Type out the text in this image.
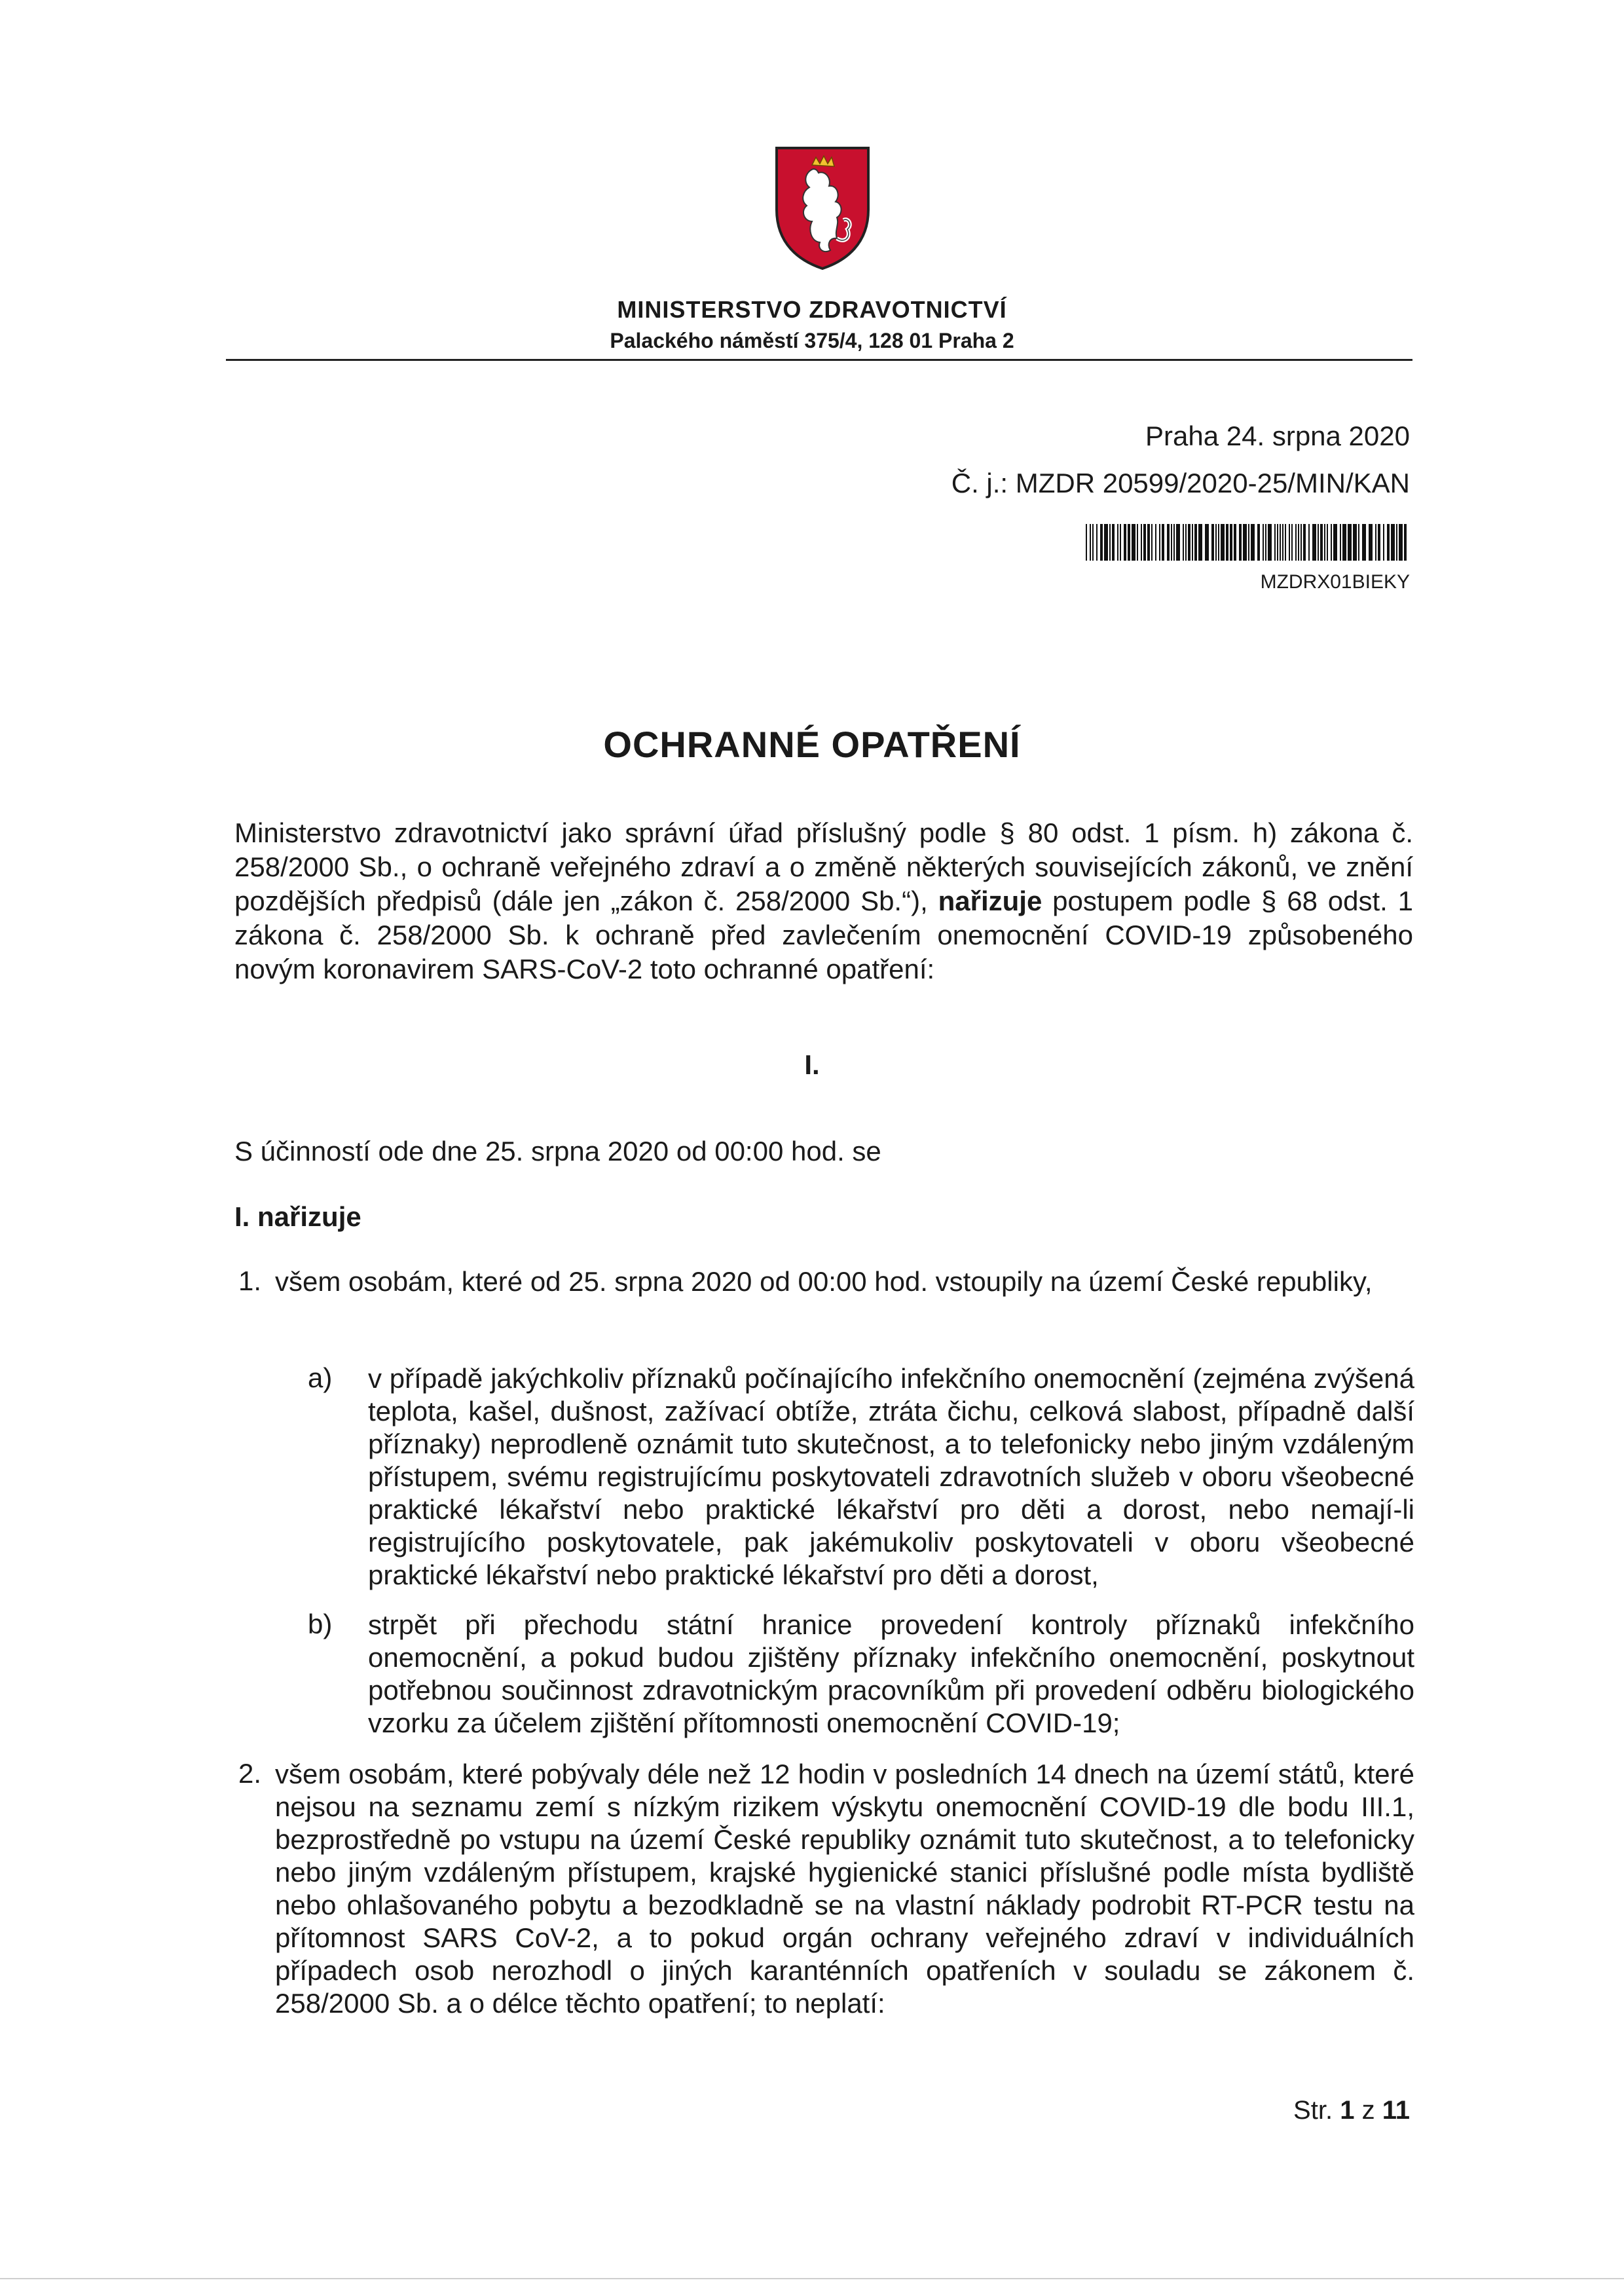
MINISTERSTVO ZDRAVOTNICTVÍ
Palackého náměstí 375/4, 128 01 Praha 2
Praha 24. srpna 2020
Č. j.: MZDR 20599/2020-25/MIN/KAN
MZDRX01BIEKY
OCHRANNÉ OPATŘENÍ
Ministerstvo zdravotnictví jako správní úřad příslušný podle § 80 odst. 1 písm. h) zákona č. 258/2000 Sb., o ochraně veřejného zdraví a o změně některých souvisejících zákonů, ve znění pozdějších předpisů (dále jen „zákon č. 258/2000 Sb.“), nařizuje postupem podle § 68 odst. 1 zákona č. 258/2000 Sb. k ochraně před zavlečením onemocnění COVID-19 způsobeného novým koronavirem SARS-CoV-2 toto ochranné opatření:
I.
S účinností ode dne 25. srpna 2020 od 00:00 hod. se
I. nařizuje
1. všem osobám, které od 25. srpna 2020 od 00:00 hod. vstoupily na území České republiky,
a) v případě jakýchkoliv příznaků počínajícího infekčního onemocnění (zejména zvýšená teplota, kašel, dušnost, zažívací obtíže, ztráta čichu, celková slabost, případně další příznaky) neprodleně oznámit tuto skutečnost, a to telefonicky nebo jiným vzdáleným přístupem, svému registrujícímu poskytovateli zdravotních služeb v oboru všeobecné praktické lékařství nebo praktické lékařství pro děti a dorost, nebo nemají-li registrujícího poskytovatele, pak jakémukoliv poskytovateli v oboru všeobecné praktické lékařství nebo praktické lékařství pro děti a dorost,
b) strpět při přechodu státní hranice provedení kontroly příznaků infekčního onemocnění, a pokud budou zjištěny příznaky infekčního onemocnění, poskytnout potřebnou součinnost zdravotnickým pracovníkům při provedení odběru biologického vzorku za účelem zjištění přítomnosti onemocnění COVID-19;
2. všem osobám, které pobývaly déle než 12 hodin v posledních 14 dnech na území států, které nejsou na seznamu zemí s nízkým rizikem výskytu onemocnění COVID-19 dle bodu III.1, bezprostředně po vstupu na území České republiky oznámit tuto skutečnost, a to telefonicky nebo jiným vzdáleným přístupem, krajské hygienické stanici příslušné podle místa bydliště nebo ohlašovaného pobytu a bezodkladně se na vlastní náklady podrobit RT-PCR testu na přítomnost SARS CoV-2, a to pokud orgán ochrany veřejného zdraví v individuálních případech osob nerozhodl o jiných karanténních opatřeních v souladu se zákonem č. 258/2000 Sb. a o délce těchto opatření; to neplatí:
Str. 1 z 11
